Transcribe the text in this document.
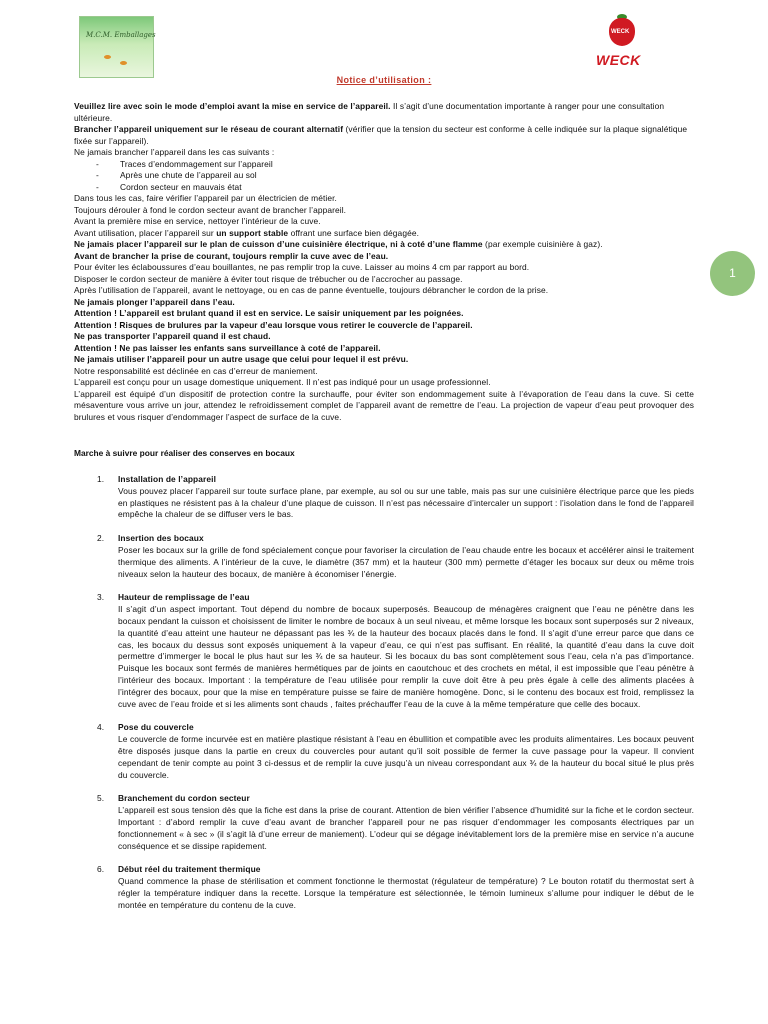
M.C.M. Emballages	WECK
WECK
1
Notice d’utilisation :

Veuillez lire avec soin le mode d’emploi avant la mise en service de l’appareil. Il s’agit d’une documentation importante à ranger pour une consultation ultérieure.

Brancher l’appareil uniquement sur le réseau de courant alternatif (vérifier que la tension du secteur est conforme à celle indiquée sur la plaque signalétique fixée sur l’appareil).

Ne jamais brancher l’appareil dans les cas suivants :

-	Traces d’endommagement sur l’appareil
-	Après une chute de l’appareil au sol
-	Cordon secteur en mauvais état

Dans tous les cas, faire vérifier l’appareil par un électricien de métier.

Toujours dérouler à fond le cordon secteur avant de brancher l’appareil.

Avant la première mise en service, nettoyer l’intérieur de la cuve.

Avant utilisation, placer l’appareil sur un support stable offrant une surface bien dégagée.

Ne jamais placer l’appareil sur le plan de cuisson d’une cuisinière électrique, ni à coté d’une flamme (par exemple cuisinière à gaz).

Avant de brancher la prise de courant, toujours remplir la cuve avec de l’eau.

Pour éviter les éclaboussures d’eau bouillantes, ne pas remplir trop la cuve. Laisser au moins 4 cm par rapport au bord.

Disposer le cordon secteur de manière à éviter tout risque de trébucher ou de l’accrocher au passage.

Après l’utilisation de l’appareil, avant le nettoyage, ou en cas de panne éventuelle, toujours débrancher le cordon de la prise.

Ne jamais plonger l’appareil dans l’eau.

Attention ! L’appareil est brulant quand il est en service. Le saisir uniquement par les poignées.

Attention ! Risques de brulures par la vapeur d’eau lorsque vous retirer le couvercle de l’appareil.

Ne pas transporter l’appareil quand il est chaud.

Attention ! Ne pas laisser les enfants sans surveillance à coté de l’appareil.

Ne jamais utiliser l’appareil pour un autre usage que celui pour lequel il est prévu.

Notre responsabilité est déclinée en cas d’erreur de maniement.

L’appareil est conçu pour un usage domestique uniquement. Il n’est pas indiqué pour un usage professionnel.

L’appareil est équipé d’un dispositif de protection contre la surchauffe, pour éviter son endommagement suite à l’évaporation de l’eau dans la cuve. Si cette mésaventure vous arrive un jour, attendez le refroidissement complet de l’appareil avant de remettre de l’eau. La projection de vapeur d’eau peut provoquer des brulures et vous risquer d’endommager l’aspect de surface de la cuve.

Marche à suivre pour réaliser des conserves en bocaux
1. Installation de l’appareil
Vous pouvez placer l’appareil sur toute surface plane, par exemple, au sol ou sur une table, mais pas sur une cuisinière électrique parce que les pieds en plastiques ne résistent pas à la chaleur d’une plaque de cuisson. Il n’est pas nécessaire d’intercaler un support : l’isolation dans le fond de l’appareil empêche la chaleur de se diffuser vers le bas.
2. Insertion des bocaux
Poser les bocaux sur la grille de fond spécialement conçue pour favoriser la circulation de l’eau chaude entre les bocaux et accélérer ainsi le traitement thermique des aliments. A l’intérieur de la cuve, le diamètre (357 mm) et la hauteur (300 mm) permette d’étager les bocaux sur deux ou même trois niveaux selon la hauteur des bocaux, de manière à économiser l’énergie.
3. Hauteur de remplissage de l’eau
Il s’agit d’un aspect important. Tout dépend du nombre de bocaux superposés. Beaucoup de ménagères craignent que l’eau ne pénètre dans les bocaux pendant la cuisson et choisissent de limiter le nombre de bocaux à un seul niveau, et même lorsque les bocaux sont superposés sur 2 niveaux, la quantité d’eau atteint une hauteur ne dépassant pas les ¾ de la hauteur des bocaux placés dans le fond. Il s’agit d’une erreur parce que dans ce cas, les bocaux du dessus sont exposés uniquement à la vapeur d’eau, ce qui n’est pas suffisant. En réalité, la quantité d’eau dans la cuve doit permettre d’immerger le bocal le plus haut sur les ¾ de sa hauteur. Si les bocaux du bas sont complètement sous l’eau, cela n’a pas d’importance. Puisque les bocaux sont fermés de manières hermétiques par de joints en caoutchouc et des crochets en métal, il est impossible que l’eau pénètre à l’intérieur des bocaux. Important : la température de l’eau utilisée pour remplir la cuve doit être à peu près égale à celle des aliments placées à l’intégrer des bocaux, pour que la mise en température puisse se faire de manière homogène. Donc, si le contenu des bocaux est froid, remplissez la cuve avec de l’eau froide et si les aliments sont chauds , faites préchauffer l’eau de la cuve à la même température que celle des bocaux.
4. Pose du couvercle
Le couvercle de forme incurvée est en matière plastique résistant à l’eau en ébullition et compatible avec les produits alimentaires. Les bocaux peuvent être disposés jusque dans la partie en creux du couvercles pour autant qu’il soit possible de fermer la cuve passage pour la vapeur. Il convient cependant de tenir compte au point 3 ci-dessus et de remplir la cuve jusqu’à un niveau correspondant aux ¾ de la hauteur du bocal situé le plus près du couvercle.
5. Branchement du cordon secteur
L’appareil est sous tension dès que la fiche est dans la prise de courant. Attention de bien vérifier l’absence d’humidité sur la fiche et le cordon secteur. Important : d’abord remplir la cuve d’eau avant de brancher l’appareil pour ne pas risquer d’endommager les composants électriques par un fonctionnement « à sec » (il s’agit là d’une erreur de maniement). L’odeur qui se dégage inévitablement lors de la première mise en service n’a aucune conséquence et se dissipe rapidement.
6. Début réel du traitement thermique
Quand commence la phase de stérilisation et comment fonctionne le thermostat (régulateur de température) ? Le bouton rotatif du thermostat sert à régler la température indiquer dans la recette. Lorsque la température est sélectionnée, le témoin lumineux s’allume pour indiquer le début de le montée en température du contenu de la cuve.
